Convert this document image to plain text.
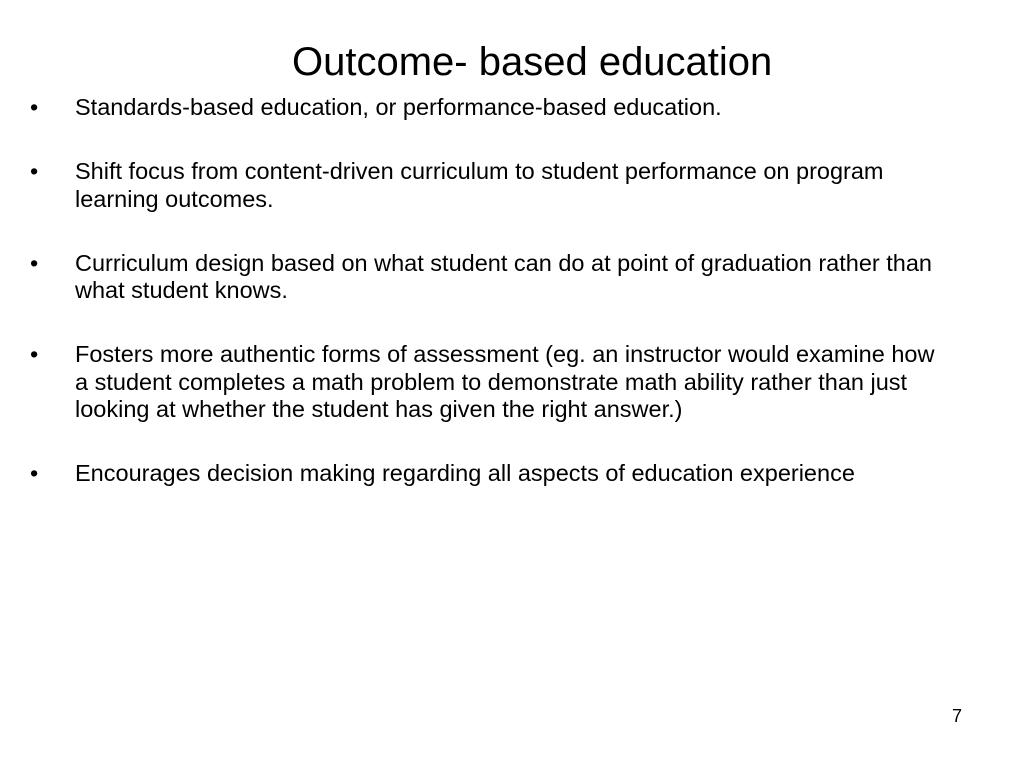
Outcome- based education
•	Standards-based education, or performance-based education.
•	Shift focus from content-driven curriculum to student performance on program learning outcomes.
•	Curriculum design based on what student can do at point of graduation rather than what student knows.
•	Fosters more authentic forms of assessment (eg. an instructor would examine how a student completes a math problem to demonstrate math ability rather than just looking at whether the student has given the right answer.)
•	Encourages decision making regarding all aspects of education experience
7
